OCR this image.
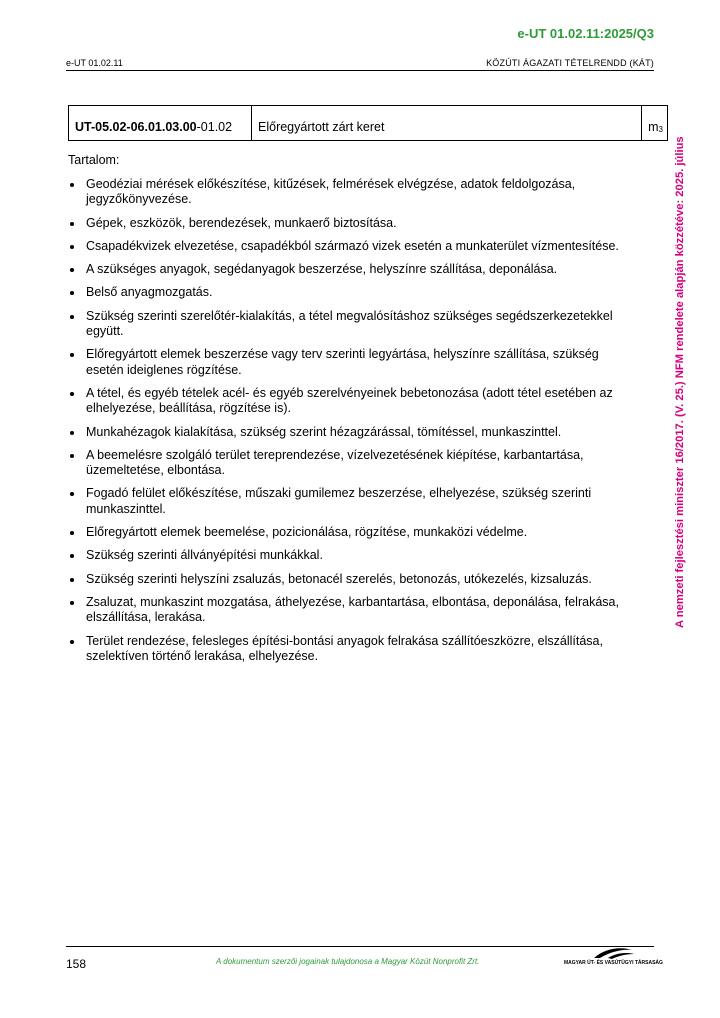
e-UT 01.02.11:2025/Q3
e-UT 01.02.11	KÖZÚTI ÁGAZATI TÉTELRENDD (KÁT)
A nemzeti fejlesztési miniszter 16/2017. (V. 25.) NFM rendelete alapján közzétéve: 2025. július
UT-05.02-06.01.03.00 -01.02 Előregyártott zárt keret	$m_3$
Tartalom:
Geodéziai mérések előkészítése, kitűzések, felmérések elvégzése, adatok feldolgozása, jegyzőkönyvezése.
Gépek, eszközök, berendezések, munkaerő biztosítása.
Csapadékvizek elvezetése, csapadékból származó vizek esetén a munkaterület vízmentesítése.
A szükséges anyagok, segédanyagok beszerzése, helyszínre szállítása, deponálása.
Belső anyagmozgatás.
Szükség szerinti szerelőtér-kialakítás, a tétel megvalósításhoz szükséges segédszerkezetekkel együtt.
Előregyártott elemek beszerzése vagy terv szerinti legyártása, helyszínre szállítása, szükség esetén ideiglenes rögzítése.
A tétel, és egyéb tételek acél- és egyéb szerelvényeinek bebetonozása (adott tétel esetében az elhelyezése, beállítása, rögzítése is).
Munkahézagok kialakítása, szükség szerint hézagzárással, tömítéssel, munkaszinttel.
A beemelésre szolgáló terület tereprendezése, vízelvezetésének kiépítése, karbantartása, üzemeltetése, elbontása.
Fogadó felület előkészítése, műszaki gumilemez beszerzése, elhelyezése, szükség szerinti munkaszinttel.
Előregyártott elemek beemelése, pozicionálása, rögzítése, munkaközi védelme.
Szükség szerinti állványépítési munkákkal.
Szükség szerinti helyszíni zsaluzás, betonacél szerelés, betonozás, utókezelés, kizsaluzás.
Zsaluzat, munkaszint mozgatása, áthelyezése, karbantartása, elbontása, deponálása, felrakása, elszállítása, lerakása.
Terület rendezése, felesleges építési-bontási anyagok felrakása szállítóeszközre, elszállítása, szelektíven történő lerakása, elhelyezése.
158	A dokumentum szerzői jogainak tulajdonosa a Magyar Közút Nonprofit Zrt.	MAGYAR ÚT- ÉS VASÚTÜGYI TÁRSASÁG
